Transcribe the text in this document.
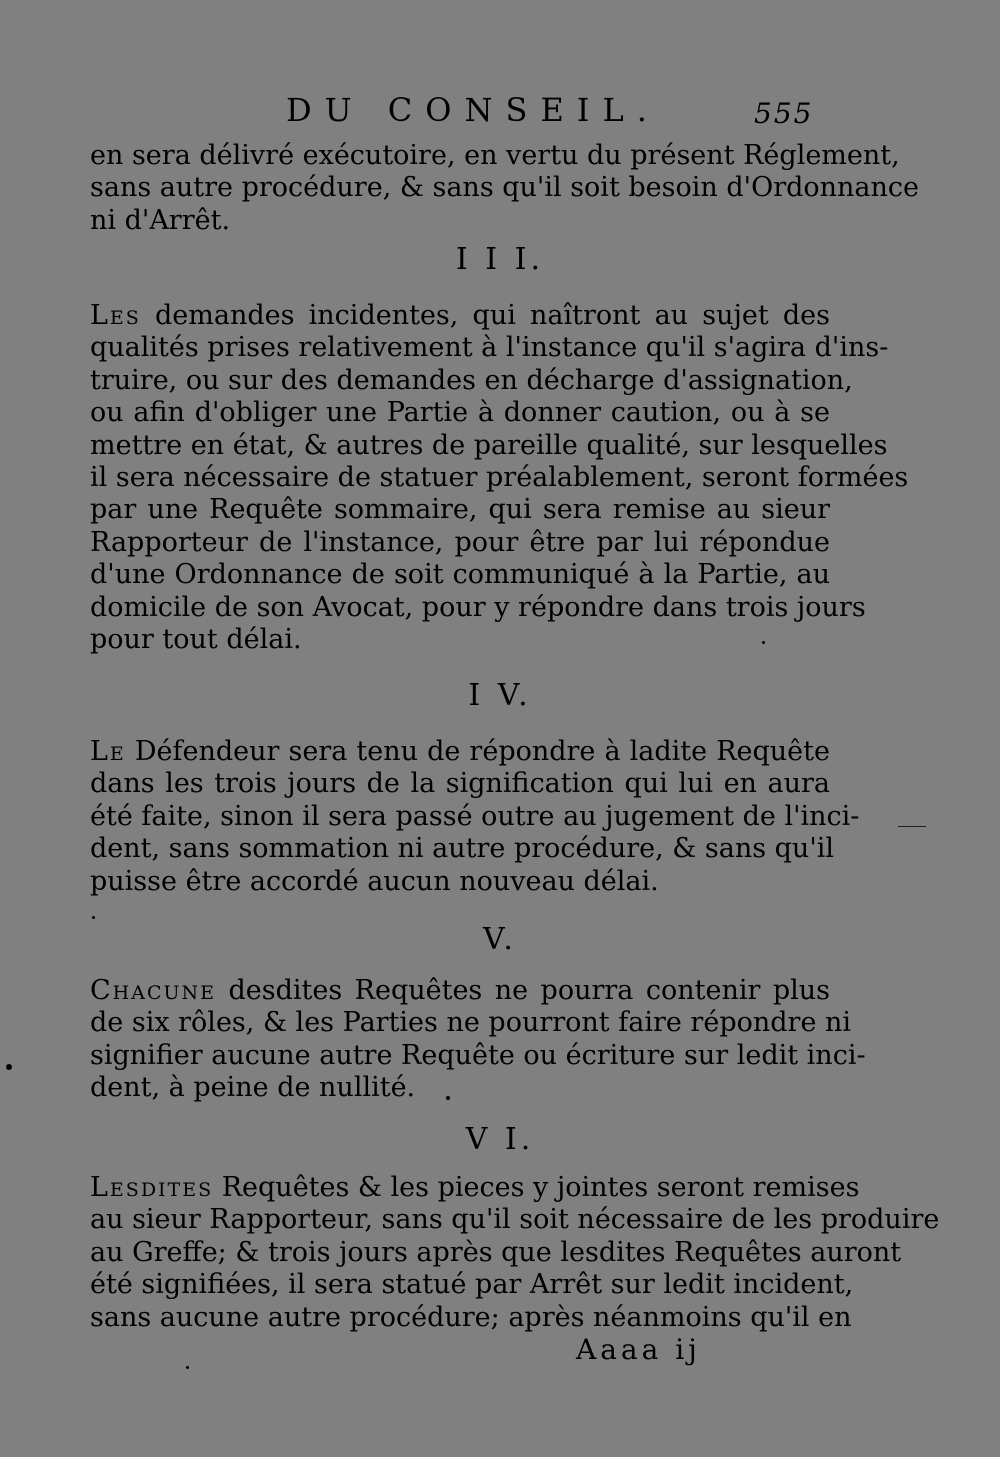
DU CONSEIL.	555
en sera délivré exécutoire, en vertu du présent Réglement,
sans autre procédure, & sans qu'il soit besoin d'Ordonnance
ni d'Arrêt.
I I I.
Les demandes incidentes, qui naîtront au sujet des
qualités prises relativement à l'instance qu'il s'agira d'ins-
truire, ou sur des demandes en décharge d'assignation,
ou afin d'obliger une Partie à donner caution, ou à se
mettre en état, & autres de pareille qualité, sur lesquelles
il sera nécessaire de statuer préalablement, seront formées
par une Requête sommaire, qui sera remise au sieur
Rapporteur de l'instance, pour être par lui répondue
d'une Ordonnance de soit communiqué à la Partie, au
domicile de son Avocat, pour y répondre dans trois jours
pour tout délai.
I V.
Le Défendeur sera tenu de répondre à ladite Requête
dans les trois jours de la signification qui lui en aura
été faite, sinon il sera passé outre au jugement de l'inci-
dent, sans sommation ni autre procédure, & sans qu'il
puisse être accordé aucun nouveau délai.
V.
Chacune desdites Requêtes ne pourra contenir plus
de six rôles, & les Parties ne pourront faire répondre ni
signifier aucune autre Requête ou écriture sur ledit inci-
dent, à peine de nullité.
V I.
Lesdites Requêtes & les pieces y jointes seront remises
au sieur Rapporteur, sans qu'il soit nécessaire de les produire
au Greffe; & trois jours après que lesdites Requêtes auront
été signifiées, il sera statué par Arrêt sur ledit incident,
sans aucune autre procédure; après néanmoins qu'il en
Aaaa ij
